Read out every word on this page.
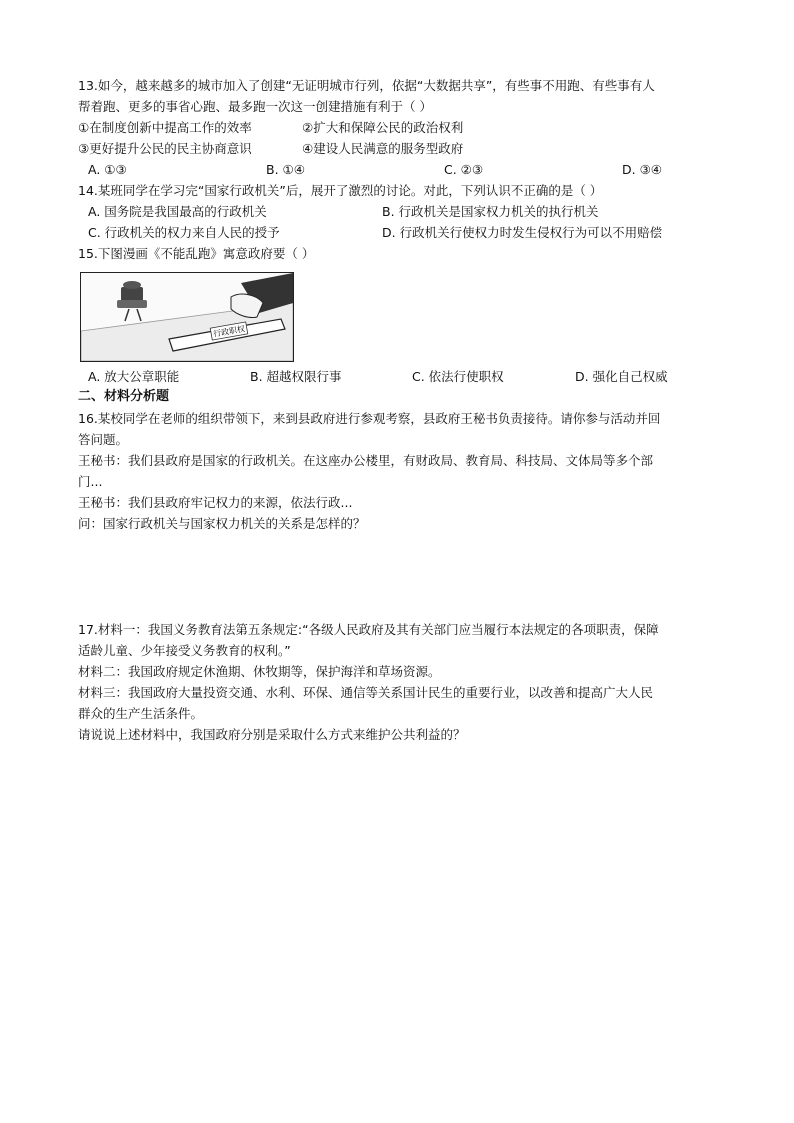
13.如今，越来越多的城市加入了创建“无证明城市行列，依据“大数据共享”，有些事不用跑、有些事有人
帮着跑、更多的事省心跑、最多跑一次这一创建措施有利于（ ）
①在制度创新中提高工作的效率	②扩大和保障公民的政治权利
③更好提升公民的民主协商意识	④建设人民满意的服务型政府
A. ①③	B. ①④	C. ②③	D. ③④
14.某班同学在学习完“国家行政机关”后，展开了激烈的讨论。对此，下列认识不正确的是（ ）
A. 国务院是我国最高的行政机关	B. 行政机关是国家权力机关的执行机关
C. 行政机关的权力来自人民的授予	D. 行政机关行使权力时发生侵权行为可以不用赔偿
15.下图漫画《不能乱跑》寓意政府要（ ）
行政职权
A. 放大公章职能	B. 超越权限行事	C. 依法行使职权	D. 强化自己权威
二、材料分析题
16.某校同学在老师的组织带领下，来到县政府进行参观考察，县政府王秘书负责接待。请你参与活动并回
答问题。
王秘书：我们县政府是国家的行政机关。在这座办公楼里，有财政局、教育局、科技局、文体局等多个部
门...
王秘书：我们县政府牢记权力的来源，依法行政...
问：国家行政机关与国家权力机关的关系是怎样的？
17.材料一：我国义务教育法第五条规定:“各级人民政府及其有关部门应当履行本法规定的各项职责，保障
适龄儿童、少年接受义务教育的权利。”
材料二：我国政府规定休渔期、休牧期等，保护海洋和草场资源。
材料三：我国政府大量投资交通、水利、环保、通信等关系国计民生的重要行业，以改善和提高广大人民
群众的生产生活条件。
请说说上述材料中，我国政府分别是采取什么方式来维护公共利益的？
